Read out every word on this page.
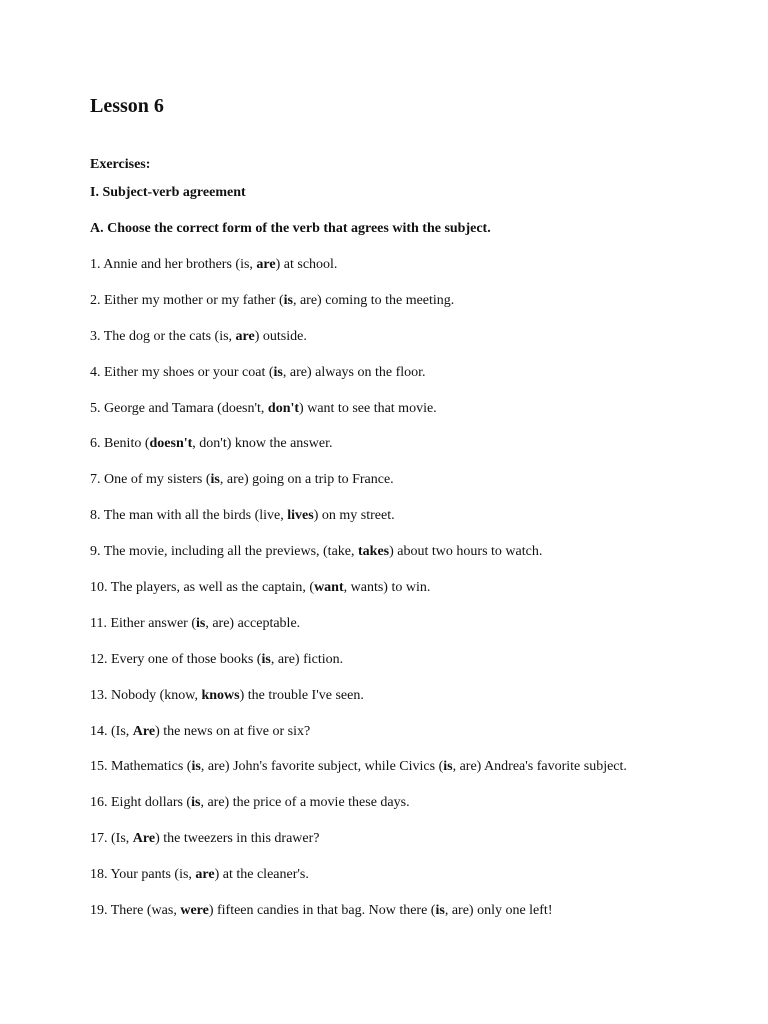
Lesson 6

Exercises:

I. Subject-verb agreement

A. Choose the correct form of the verb that agrees with the subject.

1. Annie and her brothers (is, are) at school.
2. Either my mother or my father (is, are) coming to the meeting.
3. The dog or the cats (is, are) outside.
4. Either my shoes or your coat (is, are) always on the floor.
5. George and Tamara (doesn't, don't) want to see that movie.
6. Benito (doesn't, don't) know the answer.
7. One of my sisters (is, are) going on a trip to France.
8. The man with all the birds (live, lives) on my street.
9. The movie, including all the previews, (take, takes) about two hours to watch.
10. The players, as well as the captain, (want, wants) to win.
11. Either answer (is, are) acceptable.
12. Every one of those books (is, are) fiction.
13. Nobody (know, knows) the trouble I've seen.
14. (Is, Are) the news on at five or six?
15. Mathematics (is, are) John's favorite subject, while Civics (is, are) Andrea's favorite subject.
16. Eight dollars (is, are) the price of a movie these days.
17. (Is, Are) the tweezers in this drawer?
18. Your pants (is, are) at the cleaner's.
19. There (was, were) fifteen candies in that bag. Now there (is, are) only one left!
